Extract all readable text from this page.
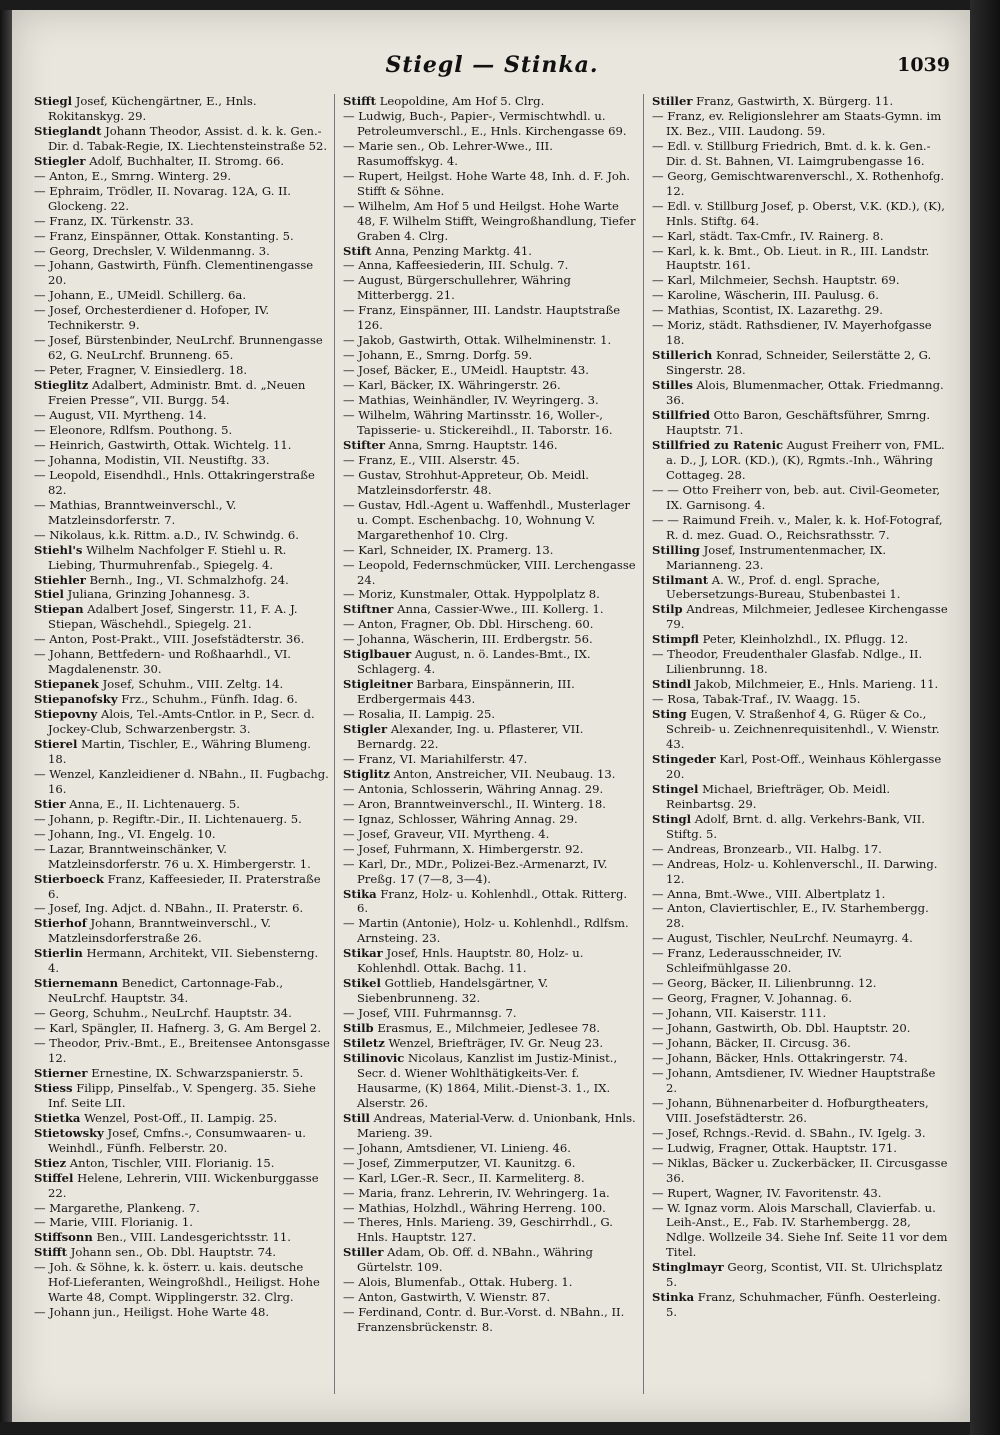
Stiegl — Stinka.	1039

Stiegl Josef, Küchengärtner, E., Hnls. Rokitanskyg. 29.

Stieglandt Johann Theodor, Assist. d. k. k. Gen.-Dir. d. Tabak-Regie, IX. Liechtensteinstraße 52.

Stiegler Adolf, Buchhalter, II. Stromg. 66.

— Anton, E., Smrng. Winterg. 29.

— Ephraim, Trödler, II. Novarag. 12A, G. II. Glockeng. 22.

— Franz, IX. Türkenstr. 33.

— Franz, Einspänner, Ottak. Konstanting. 5.

— Georg, Drechsler, V. Wildenmanng. 3.

— Johann, Gastwirth, Fünfh. Clementinengasse 20.

— Johann, E., UMeidl. Schillerg. 6a.

— Josef, Orchesterdiener d. Hofoper, IV. Technikerstr. 9.

— Josef, Bürstenbinder, NeuLrchf. Brunnengasse 62, G. NeuLrchf. Brunneng. 65.

— Peter, Fragner, V. Einsiedlerg. 18.

Stieglitz Adalbert, Administr. Bmt. d. „Neuen Freien Presse“, VII. Burgg. 54.

— August, VII. Myrtheng. 14.

— Eleonore, Rdlfsm. Pouthong. 5.

— Heinrich, Gastwirth, Ottak. Wichtelg. 11.

— Johanna, Modistin, VII. Neustiftg. 33.

— Leopold, Eisendhdl., Hnls. Ottakringerstraße 82.

— Mathias, Branntweinverschl., V. Matzleinsdorferstr. 7.

— Nikolaus, k.k. Rittm. a.D., IV. Schwindg. 6.

Stiehl's Wilhelm Nachfolger F. Stiehl u. R. Liebing, Thurmuhrenfab., Spiegelg. 4.

Stiehler Bernh., Ing., VI. Schmalzhofg. 24.

Stiel Juliana, Grinzing Johannesg. 3.

Stiepan Adalbert Josef, Singerstr. 11, F. A. J. Stiepan, Wäschehdl., Spiegelg. 21.

— Anton, Post-Prakt., VIII. Josefstädterstr. 36.

— Johann, Bettfedern- und Roßhaarhdl., VI. Magdalenenstr. 30.

Stiepanek Josef, Schuhm., VIII. Zeltg. 14.

Stiepanofsky Frz., Schuhm., Fünfh. Idag. 6.

Stiepovny Alois, Tel.-Amts-Cntlor. in P., Secr. d. Jockey-Club, Schwarzenbergstr. 3.

Stierel Martin, Tischler, E., Währing Blumeng. 18.

— Wenzel, Kanzleidiener d. NBahn., II. Fugbachg. 16.

Stier Anna, E., II. Lichtenauerg. 5.

— Johann, p. Regiftr.-Dir., II. Lichtenauerg. 5.

— Johann, Ing., VI. Engelg. 10.

— Lazar, Branntweinschänker, V. Matzleinsdorferstr. 76 u. X. Himbergerstr. 1.

Stierboeck Franz, Kaffeesieder, II. Praterstraße 6.

— Josef, Ing. Adjct. d. NBahn., II. Praterstr. 6.

Stierhof Johann, Branntweinverschl., V. Matzleinsdorferstraße 26.

Stierlin Hermann, Architekt, VII. Siebensterng. 4.

Stiernemann Benedict, Cartonnage-Fab., NeuLrchf. Hauptstr. 34.

— Georg, Schuhm., NeuLrchf. Hauptstr. 34.

— Karl, Spängler, II. Hafnerg. 3, G. Am Bergel 2.

— Theodor, Priv.-Bmt., E., Breitensee Antonsgasse 12.

Stierner Ernestine, IX. Schwarzspanierstr. 5.

Stiess Filipp, Pinselfab., V. Spengerg. 35. Siehe Inf. Seite LII.

Stietka Wenzel, Post-Off., II. Lampig. 25.

Stietowsky Josef, Cmfns.-, Consumwaaren- u. Weinhdl., Fünfh. Felberstr. 20.

Stiez Anton, Tischler, VIII. Florianig. 15.

Stiffel Helene, Lehrerin, VIII. Wickenburggasse 22.

— Margarethe, Plankeng. 7.

— Marie, VIII. Florianig. 1.

Stiffsonn Ben., VIII. Landesgerichtsstr. 11.

Stifft Johann sen., Ob. Dbl. Hauptstr. 74.

— Joh. & Söhne, k. k. österr. u. kais. deutsche Hof-Lieferanten, Weingroßhdl., Heiligst. Hohe Warte 48, Compt. Wipplingerstr. 32. Clrg.

— Johann jun., Heiligst. Hohe Warte 48.

Stifft Leopoldine, Am Hof 5. Clrg.

— Ludwig, Buch-, Papier-, Vermischtwhdl. u. Petroleumverschl., E., Hnls. Kirchengasse 69.

— Marie sen., Ob. Lehrer-Wwe., III. Rasumoffskyg. 4.

— Rupert, Heilgst. Hohe Warte 48, Inh. d. F. Joh. Stifft & Söhne.

— Wilhelm, Am Hof 5 und Heilgst. Hohe Warte 48, F. Wilhelm Stifft, Weingroßhandlung, Tiefer Graben 4. Clrg.

Stift Anna, Penzing Marktg. 41.

— Anna, Kaffeesiederin, III. Schulg. 7.

— August, Bürgerschullehrer, Währing Mitterbergg. 21.

— Franz, Einspänner, III. Landstr. Hauptstraße 126.

— Jakob, Gastwirth, Ottak. Wilhelminenstr. 1.

— Johann, E., Smrng. Dorfg. 59.

— Josef, Bäcker, E., UMeidl. Hauptstr. 43.

— Karl, Bäcker, IX. Währingerstr. 26.

— Mathias, Weinhändler, IV. Weyringerg. 3.

— Wilhelm, Währing Martinsstr. 16, Woller-, Tapisserie- u. Stickereihdl., II. Taborstr. 16.

Stifter Anna, Smrng. Hauptstr. 146.

— Franz, E., VIII. Alserstr. 45.

— Gustav, Strohhut-Appreteur, Ob. Meidl. Matzleinsdorferstr. 48.

— Gustav, Hdl.-Agent u. Waffenhdl., Musterlager u. Compt. Eschenbachg. 10, Wohnung V. Margarethenhof 10. Clrg.

— Karl, Schneider, IX. Pramerg. 13.

— Leopold, Federnschmücker, VIII. Lerchengasse 24.

— Moriz, Kunstmaler, Ottak. Hyppolplatz 8.

Stiftner Anna, Cassier-Wwe., III. Kollerg. 1.

— Anton, Fragner, Ob. Dbl. Hirscheng. 60.

— Johanna, Wäscherin, III. Erdbergstr. 56.

Stiglbauer August, n. ö. Landes-Bmt., IX. Schlagerg. 4.

Stigleitner Barbara, Einspännerin, III. Erdbergermais 443.

— Rosalia, II. Lampig. 25.

Stigler Alexander, Ing. u. Pflasterer, VII. Bernardg. 22.

— Franz, VI. Mariahilferstr. 47.

Stiglitz Anton, Anstreicher, VII. Neubaug. 13.

— Antonia, Schlosserin, Währing Annag. 29.

— Aron, Branntweinverschl., II. Winterg. 18.

— Ignaz, Schlosser, Währing Annag. 29.

— Josef, Graveur, VII. Myrtheng. 4.

— Josef, Fuhrmann, X. Himbergerstr. 92.

— Karl, Dr., MDr., Polizei-Bez.-Armenarzt, IV. Preßg. 17 (7—8, 3—4).

Stika Franz, Holz- u. Kohlenhdl., Ottak. Ritterg. 6.

— Martin (Antonie), Holz- u. Kohlenhdl., Rdlfsm. Arnsteing. 23.

Stikar Josef, Hnls. Hauptstr. 80, Holz- u. Kohlenhdl. Ottak. Bachg. 11.

Stikel Gottlieb, Handelsgärtner, V. Siebenbrunneng. 32.

— Josef, VIII. Fuhrmannsg. 7.

Stilb Erasmus, E., Milchmeier, Jedlesee 78.

Stiletz Wenzel, Briefträger, IV. Gr. Neug 23.

Stilinovic Nicolaus, Kanzlist im Justiz-Minist., Secr. d. Wiener Wohlthätigkeits-Ver. f. Hausarme, (K) 1864, Milit.-Dienst-3. 1., IX. Alserstr. 26.

Still Andreas, Material-Verw. d. Unionbank, Hnls. Marieng. 39.

— Johann, Amtsdiener, VI. Linieng. 46.

— Josef, Zimmerputzer, VI. Kaunitzg. 6.

— Karl, LGer.-R. Secr., II. Karmeliterg. 8.

— Maria, franz. Lehrerin, IV. Wehringerg. 1a.

— Mathias, Holzhdl., Währing Herreng. 100.

— Theres, Hnls. Marieng. 39, Geschirrhdl., G. Hnls. Hauptstr. 127.

Stiller Adam, Ob. Off. d. NBahn., Währing Gürtelstr. 109.

— Alois, Blumenfab., Ottak. Huberg. 1.

— Anton, Gastwirth, V. Wienstr. 87.

— Ferdinand, Contr. d. Bur.-Vorst. d. NBahn., II. Franzensbrückenstr. 8.

Stiller Franz, Gastwirth, X. Bürgerg. 11.

— Franz, ev. Religionslehrer am Staats-Gymn. im IX. Bez., VIII. Laudong. 59.

— Edl. v. Stillburg Friedrich, Bmt. d. k. k. Gen.-Dir. d. St. Bahnen, VI. Laimgrubengasse 16.

— Georg, Gemischtwarenverschl., X. Rothenhofg. 12.

— Edl. v. Stillburg Josef, p. Oberst, V.K. (KD.), (K), Hnls. Stiftg. 64.

— Karl, städt. Tax-Cmfr., IV. Rainerg. 8.

— Karl, k. k. Bmt., Ob. Lieut. in R., III. Landstr. Hauptstr. 161.

— Karl, Milchmeier, Sechsh. Hauptstr. 69.

— Karoline, Wäscherin, III. Paulusg. 6.

— Mathias, Scontist, IX. Lazarethg. 29.

— Moriz, städt. Rathsdiener, IV. Mayerhofgasse 18.

Stillerich Konrad, Schneider, Seilerstätte 2, G. Singerstr. 28.

Stilles Alois, Blumenmacher, Ottak. Friedmanng. 36.

Stillfried Otto Baron, Geschäftsführer, Smrng. Hauptstr. 71.

Stillfried zu Ratenic August Freiherr von, FML. a. D., J, LOR. (KD.), (K), Rgmts.-Inh., Währing Cottageg. 28.

— — Otto Freiherr von, beb. aut. Civil-Geometer, IX. Garnisong. 4.

— — Raimund Freih. v., Maler, k. k. Hof-Fotograf, R. d. mez. Guad. O., Reichsrathsstr. 7.

Stilling Josef, Instrumentenmacher, IX. Marianneng. 23.

Stilmant A. W., Prof. d. engl. Sprache, Uebersetzungs-Bureau, Stubenbastei 1.

Stilp Andreas, Milchmeier, Jedlesee Kirchengasse 79.

Stimpfl Peter, Kleinholzhdl., IX. Pflugg. 12.

— Theodor, Freudenthaler Glasfab. Ndlge., II. Lilienbrunng. 18.

Stindl Jakob, Milchmeier, E., Hnls. Marieng. 11.

— Rosa, Tabak-Traf., IV. Waagg. 15.

Sting Eugen, V. Straßenhof 4, G. Rüger & Co., Schreib- u. Zeichnenrequisitenhdl., V. Wienstr. 43.

Stingeder Karl, Post-Off., Weinhaus Köhlergasse 20.

Stingel Michael, Briefträger, Ob. Meidl. Reinbartsg. 29.

Stingl Adolf, Brnt. d. allg. Verkehrs-Bank, VII. Stiftg. 5.

— Andreas, Bronzearb., VII. Halbg. 17.

— Andreas, Holz- u. Kohlenverschl., II. Darwing. 12.

— Anna, Bmt.-Wwe., VIII. Albertplatz 1.

— Anton, Claviertischler, E., IV. Starhembergg. 28.

— August, Tischler, NeuLrchf. Neumayrg. 4.

— Franz, Lederausschneider, IV. Schleifmühlgasse 20.

— Georg, Bäcker, II. Lilienbrunng. 12.

— Georg, Fragner, V. Johannag. 6.

— Johann, VII. Kaiserstr. 111.

— Johann, Gastwirth, Ob. Dbl. Hauptstr. 20.

— Johann, Bäcker, II. Circusg. 36.

— Johann, Bäcker, Hnls. Ottakringerstr. 74.

— Johann, Amtsdiener, IV. Wiedner Hauptstraße 2.

— Johann, Bühnenarbeiter d. Hofburgtheaters, VIII. Josefstädterstr. 26.

— Josef, Rchngs.-Revid. d. SBahn., IV. Igelg. 3.

— Ludwig, Fragner, Ottak. Hauptstr. 171.

— Niklas, Bäcker u. Zuckerbäcker, II. Circusgasse 36.

— Rupert, Wagner, IV. Favoritenstr. 43.

— W. Ignaz vorm. Alois Marschall, Clavierfab. u. Leih-Anst., E., Fab. IV. Starhembergg. 28, Ndlge. Wollzeile 34. Siehe Inf. Seite 11 vor dem Titel.

Stinglmayr Georg, Scontist, VII. St. Ulrichsplatz 5.

Stinka Franz, Schuhmacher, Fünfh. Oesterleing. 5.
